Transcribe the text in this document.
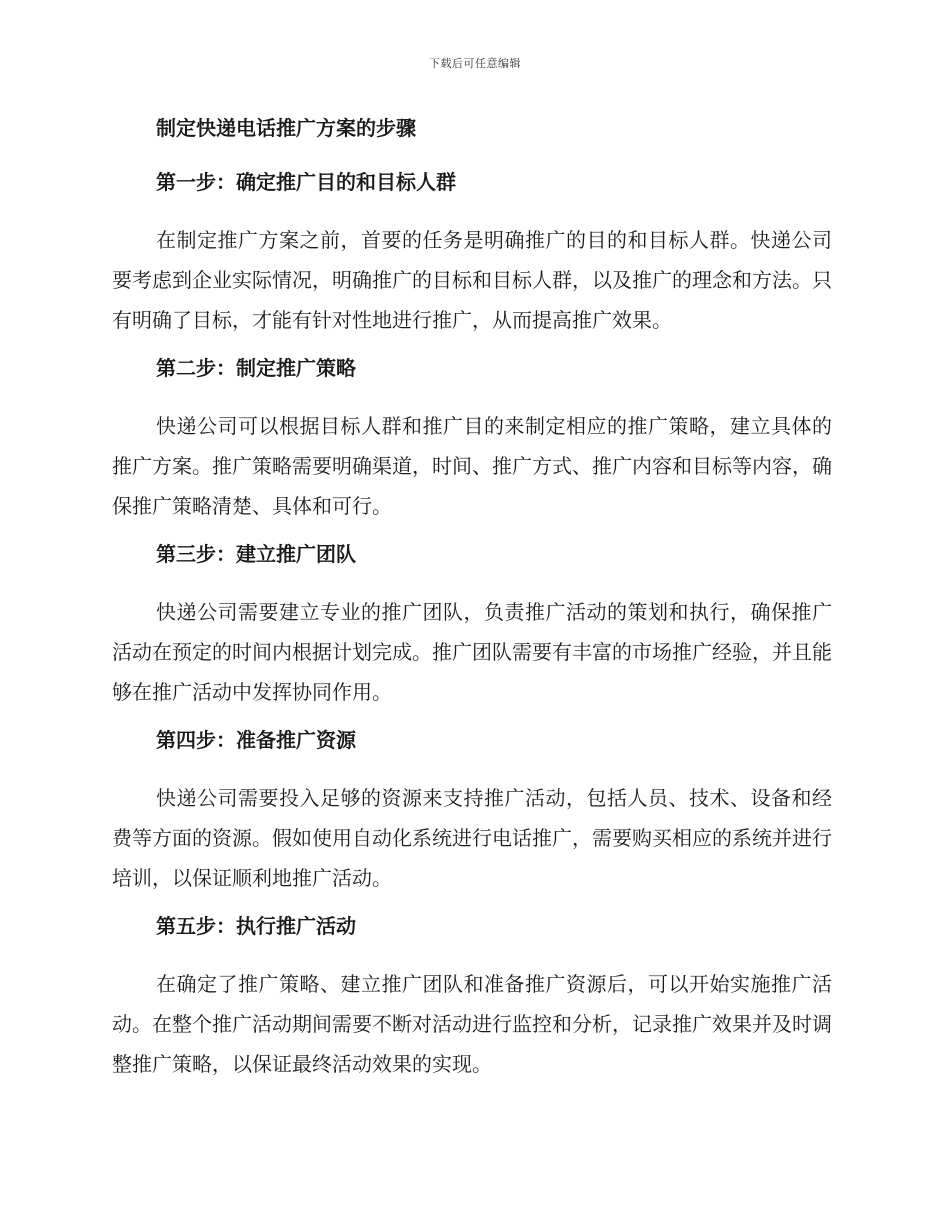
下载后可任意编辑
制定快递电话推广方案的步骤
第一步：确定推广目的和目标人群

在制定推广方案之前，首要的任务是明确推广的目的和目标人群。快递公司要考虑到企业实际情况，明确推广的目标和目标人群，以及推广的理念和方法。只有明确了目标，才能有针对性地进行推广，从而提高推广效果。

第二步：制定推广策略

快递公司可以根据目标人群和推广目的来制定相应的推广策略，建立具体的推广方案。推广策略需要明确渠道，时间、推广方式、推广内容和目标等内容，确保推广策略清楚、具体和可行。

第三步：建立推广团队

快递公司需要建立专业的推广团队，负责推广活动的策划和执行，确保推广活动在预定的时间内根据计划完成。推广团队需要有丰富的市场推广经验，并且能够在推广活动中发挥协同作用。

第四步：准备推广资源

快递公司需要投入足够的资源来支持推广活动，包括人员、技术、设备和经费等方面的资源。假如使用自动化系统进行电话推广，需要购买相应的系统并进行培训，以保证顺利地推广活动。

第五步：执行推广活动

在确定了推广策略、建立推广团队和准备推广资源后，可以开始实施推广活动。在整个推广活动期间需要不断对活动进行监控和分析，记录推广效果并及时调整推广策略，以保证最终活动效果的实现。
